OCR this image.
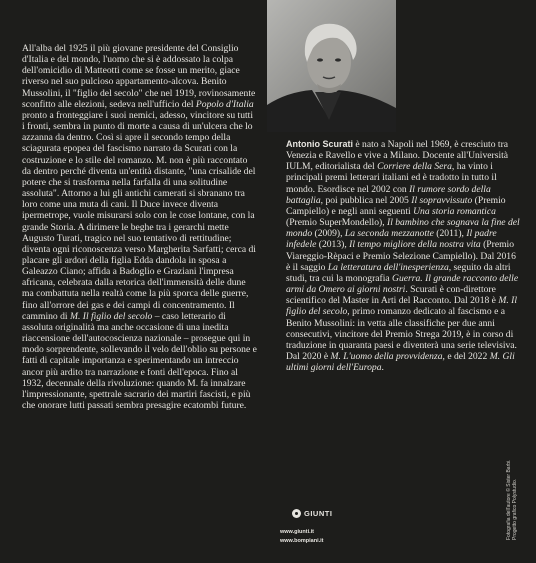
All'alba del 1925 il più giovane presidente del Consiglio d'Italia e del mondo, l'uomo che si è addossato la colpa dell'omicidio di Matteotti come se fosse un merito, giace riverso nel suo pulcioso appartamento-alcova. Benito Mussolini, il "figlio del secolo" che nel 1919, rovinosamente sconfitto alle elezioni, sedeva nell'ufficio del Popolo d'Italia pronto a fronteggiare i suoi nemici, adesso, vincitore su tutti i fronti, sembra in punto di morte a causa di un'ulcera che lo azzanna da dentro. Così si apre il secondo tempo della sciagurata epopea del fascismo narrato da Scurati con la costruzione e lo stile del romanzo. M. non è più raccontato da dentro perché diventa un'entità distante, "una crisalide del potere che si trasforma nella farfalla di una solitudine assoluta". Attorno a lui gli antichi camerati si sbranano tra loro come una muta di cani. Il Duce invece diventa ipermetrope, vuole misurarsi solo con le cose lontane, con la grande Storia. A dirimere le beghe tra i gerarchi mette Augusto Turati, tragico nel suo tentativo di rettitudine; diventa ogni riconoscenza verso Margherita Sarfatti; cerca di placare gli ardori della figlia Edda dandola in sposa a Galeazzo Ciano; affida a Badoglio e Graziani l'impresa africana, celebrata dalla retorica dell'immensità delle dune ma combattuta nella realtà come la più sporca delle guerre, fino all'orrore dei gas e dei campi di concentramento. Il cammino di M. Il figlio del secolo – caso letterario di assoluta originalità ma anche occasione di una inedita riaccensione dell'autocoscienza nazionale – prosegue qui in modo sorprendente, sollevando il velo dell'oblio su persone e fatti di capitale importanza e sperimentando un intreccio ancor più ardito tra narrazione e fonti dell'epoca. Fino al 1932, decennale della rivoluzione: quando M. fa innalzare l'impressionante, spettrale sacrario dei martiri fascisti, e più che onorare lutti passati sembra presagire ecatombi future.

Antonio Scurati è nato a Napoli nel 1969, è cresciuto tra Venezia e Ravello e vive a Milano. Docente all'Università IULM, editorialista del Corriere della Sera, ha vinto i principali premi letterari italiani ed è tradotto in tutto il mondo. Esordisce nel 2002 con Il rumore sordo della battaglia, poi pubblica nel 2005 Il sopravvissuto (Premio Campiello) e negli anni seguenti Una storia romantica (Premio SuperMondello), Il bambino che sognava la fine del mondo (2009), La seconda mezzanotte (2011), Il padre infedele (2013), Il tempo migliore della nostra vita (Premio Viareggio-Rèpaci e Premio Selezione Campiello). Dal 2016 è il saggio La letteratura dell'inesperienza, seguito da altri studi, tra cui la monografia Guerra. Il grande racconto delle armi da Omero ai giorni nostri. Scurati è con-direttore scientifico del Master in Arti del Racconto. Dal 2018 è M. Il figlio del secolo, primo romanzo dedicato al fascismo e a Benito Mussolini: in vetta alle classifiche per due anni consecutivi, vincitore del Premio Strega 2019, è in corso di traduzione in quaranta paesi e diventerà una serie televisiva. Dal 2020 è M. L'uomo della provvidenza, e del 2022 M. Gli ultimi giorni dell'Europa.

GIUNTI
www.giunti.it
www.bompiani.it
Fotografia dell'autore © Sister Barbi. Progetto grafico Polystudio.
